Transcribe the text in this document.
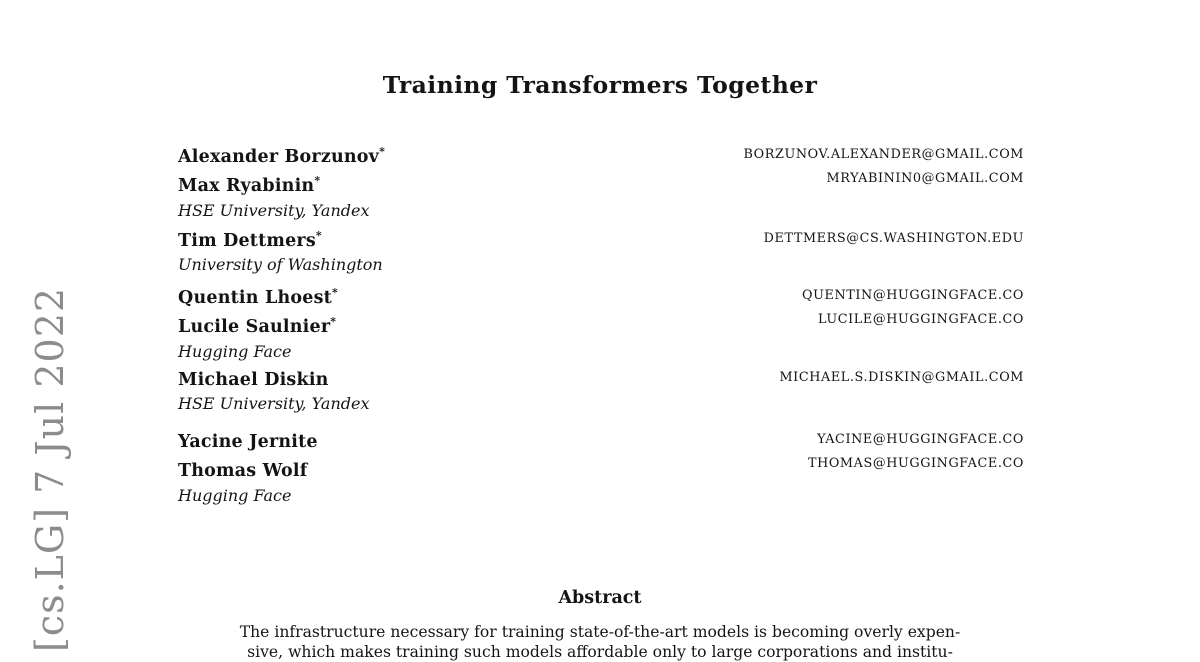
[cs.LG] 7 Jul 2022
Training Transformers Together
Alexander Borzunov*
Max Ryabinin*
HSE University, Yandex
BORZUNOV.ALEXANDER@GMAIL.COM
MRYABININ0@GMAIL.COM
Tim Dettmers*
University of Washington
DETTMERS@CS.WASHINGTON.EDU
Quentin Lhoest*
Lucile Saulnier*
Hugging Face
QUENTIN@HUGGINGFACE.CO
LUCILE@HUGGINGFACE.CO
Michael Diskin
HSE University, Yandex
MICHAEL.S.DISKIN@GMAIL.COM
Yacine Jernite
Thomas Wolf
Hugging Face
YACINE@HUGGINGFACE.CO
THOMAS@HUGGINGFACE.CO
Abstract
The infrastructure necessary for training state-of-the-art models is becoming overly expen-
sive, which makes training such models affordable only to large corporations and institu-
